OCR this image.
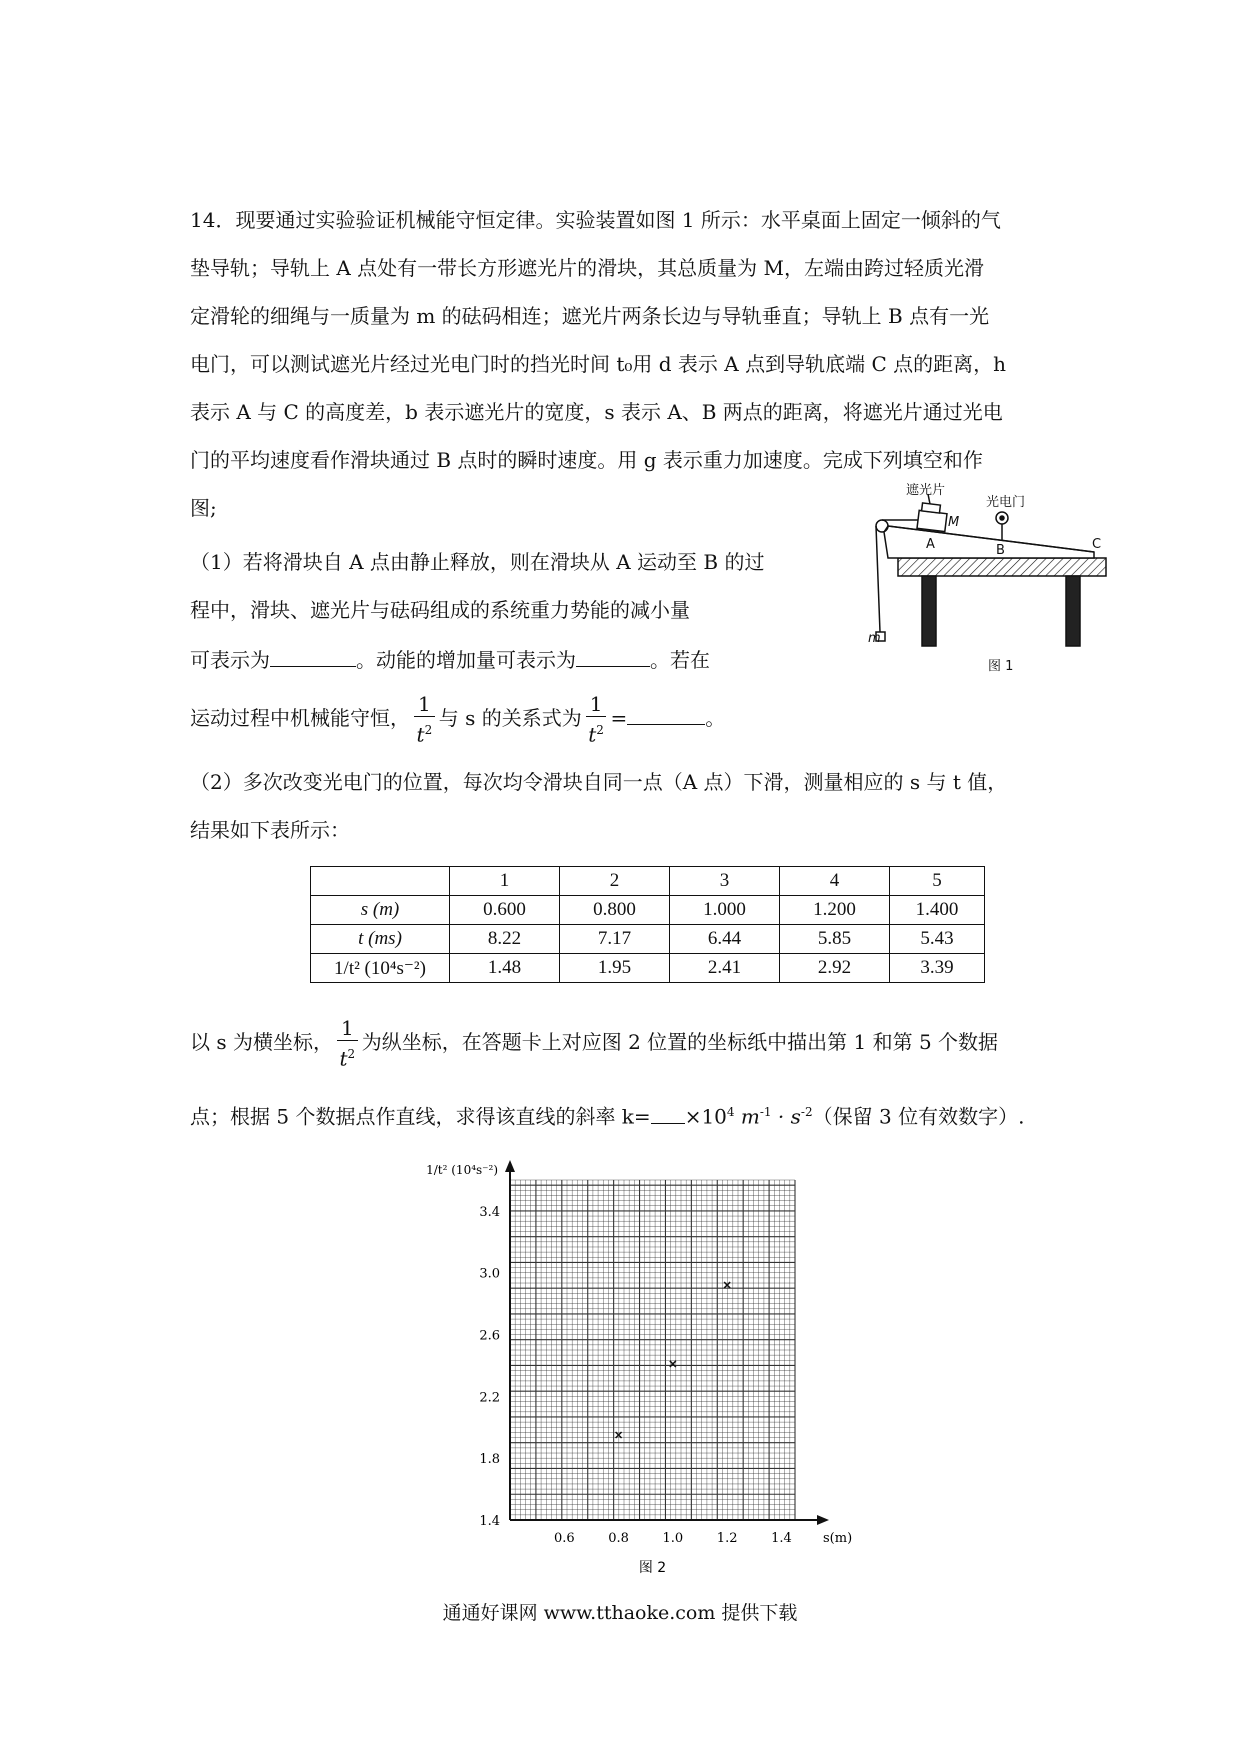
14．现要通过实验验证机械能守恒定律。实验装置如图 1 所示：水平桌面上固定一倾斜的气
垫导轨；导轨上 A 点处有一带长方形遮光片的滑块，其总质量为 M，左端由跨过轻质光滑
定滑轮的细绳与一质量为 m 的砝码相连；遮光片两条长边与导轨垂直；导轨上 B 点有一光
电门，可以测试遮光片经过光电门时的挡光时间 t₀用 d 表示 A 点到导轨底端 C 点的距离，h
表示 A 与 C 的高度差，b 表示遮光片的宽度，s 表示 A、B 两点的距离，将遮光片通过光电
门的平均速度看作滑块通过 B 点时的瞬时速度。用 g 表示重力加速度。完成下列填空和作
图;
（1）若将滑块自 A 点由静止释放，则在滑块从 A 运动至 B 的过
程中，滑块、遮光片与砝码组成的系统重力势能的减小量
可表示为	。动能的增加量可表示为	。若在
运动过程中机械能守恒， $\frac{1}{t^2}$ 与 s 的关系式为 $\frac{1}{t^2}$ =	。
遮光片
光电门
M
A	B	C
m
图 1
（2）多次改变光电门的位置，每次均令滑块自同一点（A 点）下滑，测量相应的 s 与 t 值，
结果如下表所示：
	1	2	3	4	5
s (m)	0.600	0.800	1.000	1.200	1.400
t (ms)	8.22	7.17	6.44	5.85	5.43
1/t² (10⁴s⁻²)	1.48	1.95	2.41	2.92	3.39
以 s 为横坐标， $\frac{1}{t^2}$ 为纵坐标，在答题卡上对应图 2 位置的坐标纸中描出第 1 和第 5 个数据
点；根据 5 个数据点作直线，求得该直线的斜率 $k= \times 10^4$ $m^{-1} \cdot s^{-2}$（保留 3 位有效数字）.
0.6	0.8	1.0	1.2	1.4
1.4
1.8
2.2
2.6
3.0
3.4
s(m)
1/t² (10⁴s⁻²)
图 2
通通好课网 www.tthaoke.com 提供下载
